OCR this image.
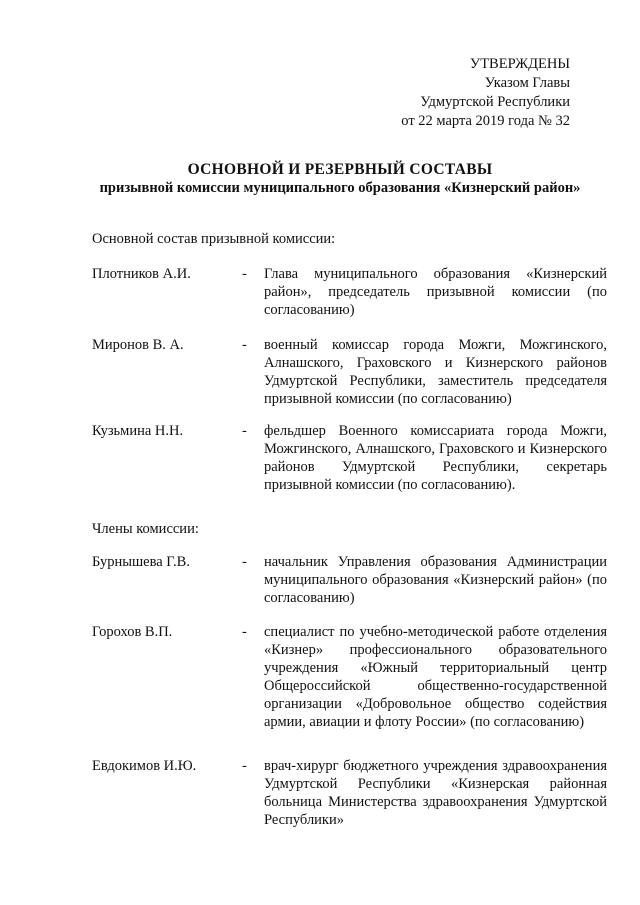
УТВЕРЖДЕНЫ
Указом Главы
Удмуртской Республики
от 22 марта 2019 года № 32
ОСНОВНОЙ И РЕЗЕРВНЫЙ СОСТАВЫ
призывной комиссии муниципального образования «Кизнерский район»
Основной состав призывной комиссии:
Плотников А.И.	- Глава муниципального образования «Кизнерский район», председатель призывной комиссии (по согласованию)
Миронов В. А.	- военный комиссар города Можги, Можгинского, Алнашского, Граховского и Кизнерского районов Удмуртской Республики, заместитель председателя призывной комиссии (по согласованию)
Кузьмина Н.Н.	- фельдшер Военного комиссариата города Можги, Можгинского, Алнашского, Граховского и Кизнерского районов Удмуртской Республики, секретарь призывной комиссии (по согласованию).
Члены комиссии:
Бурнышева Г.В.	- начальник Управления образования Администрации муниципального образования «Кизнерский район» (по согласованию)
Горохов В.П.	- специалист по учебно-методической работе отделения «Кизнер» профессионального образовательного учреждения «Южный территориальный центр Общероссийской общественно-государственной организации «Добровольное общество содействия армии, авиации и флоту России» (по согласованию)
Евдокимов И.Ю.	- врач-хирург бюджетного учреждения здравоохранения Удмуртской Республики «Кизнерская районная больница Министерства здравоохранения Удмуртской Республики»
